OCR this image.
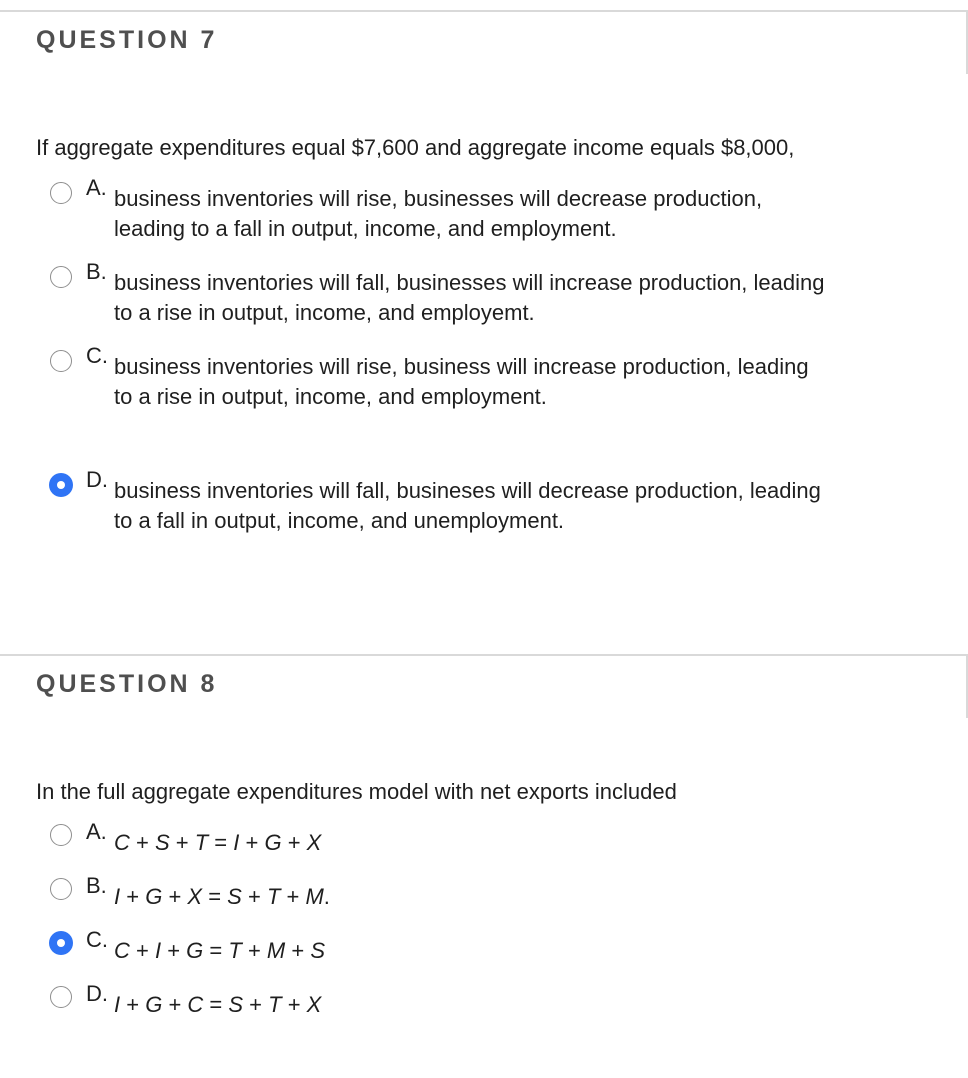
QUESTION 7
If aggregate expenditures equal $7,600 and aggregate income equals $8,000,
A. business inventories will rise, businesses will decrease production,
leading to a fall in output, income, and employment.
B. business inventories will fall, businesses will increase production, leading
to a rise in output, income, and employemt.
C. business inventories will rise, business will increase production, leading
to a rise in output, income, and employment.
D. business inventories will fall, busineses will decrease production, leading
to a fall in output, income, and unemployment.
QUESTION 8
In the full aggregate expenditures model with net exports included
A. C + S + T = I + G + X
B. I + G + X = S + T + M.
C. C + I + G = T + M + S
D. I + G + C = S + T + X
